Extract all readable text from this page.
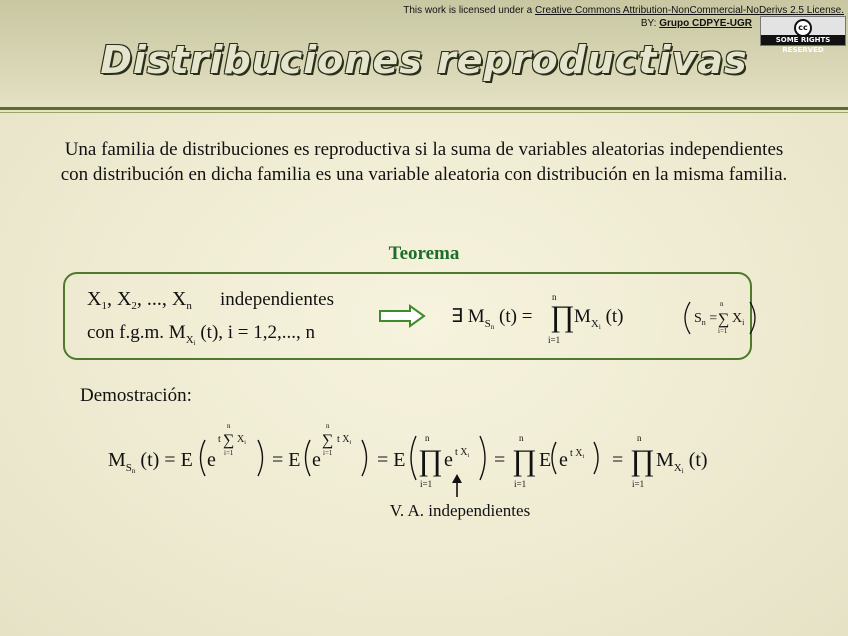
This work is licensed under a Creative Commons Attribution-NonCommercial-NoDerivs 2.5 License.
BY: Grupo CDPYE-UGR	cc
SOME RIGHTS RESERVED
Distribuciones reproductivas
Una familia de distribuciones es reproductiva si la suma de variables aleatorias independientes con distribución en dicha familia es una variable aleatoria con distribución en la misma familia.
Teorema
Demostración:
$X_1$, $X_2$, ..., $X_n$ independientes
con f.g.m. $M_Xi$ (t), i = 1,2,..., n
∃ $M_Sn$ (t) = ∏
n
i=1
$M_Xi$ (t)	$S_n$ = ∑
n
i=1
$X_i$
$M_Sn$ (t) = E e
t ∑
n
i=1
$X_i$
= E e
∑
n
i=1
t $X_i$
= E ∏
n
i=1
e t $X_i$ = ∏
n
i=1
E e t $X_i$ = ∏
n
i=1
$M_Xi$ (t)
V. A. independientes
